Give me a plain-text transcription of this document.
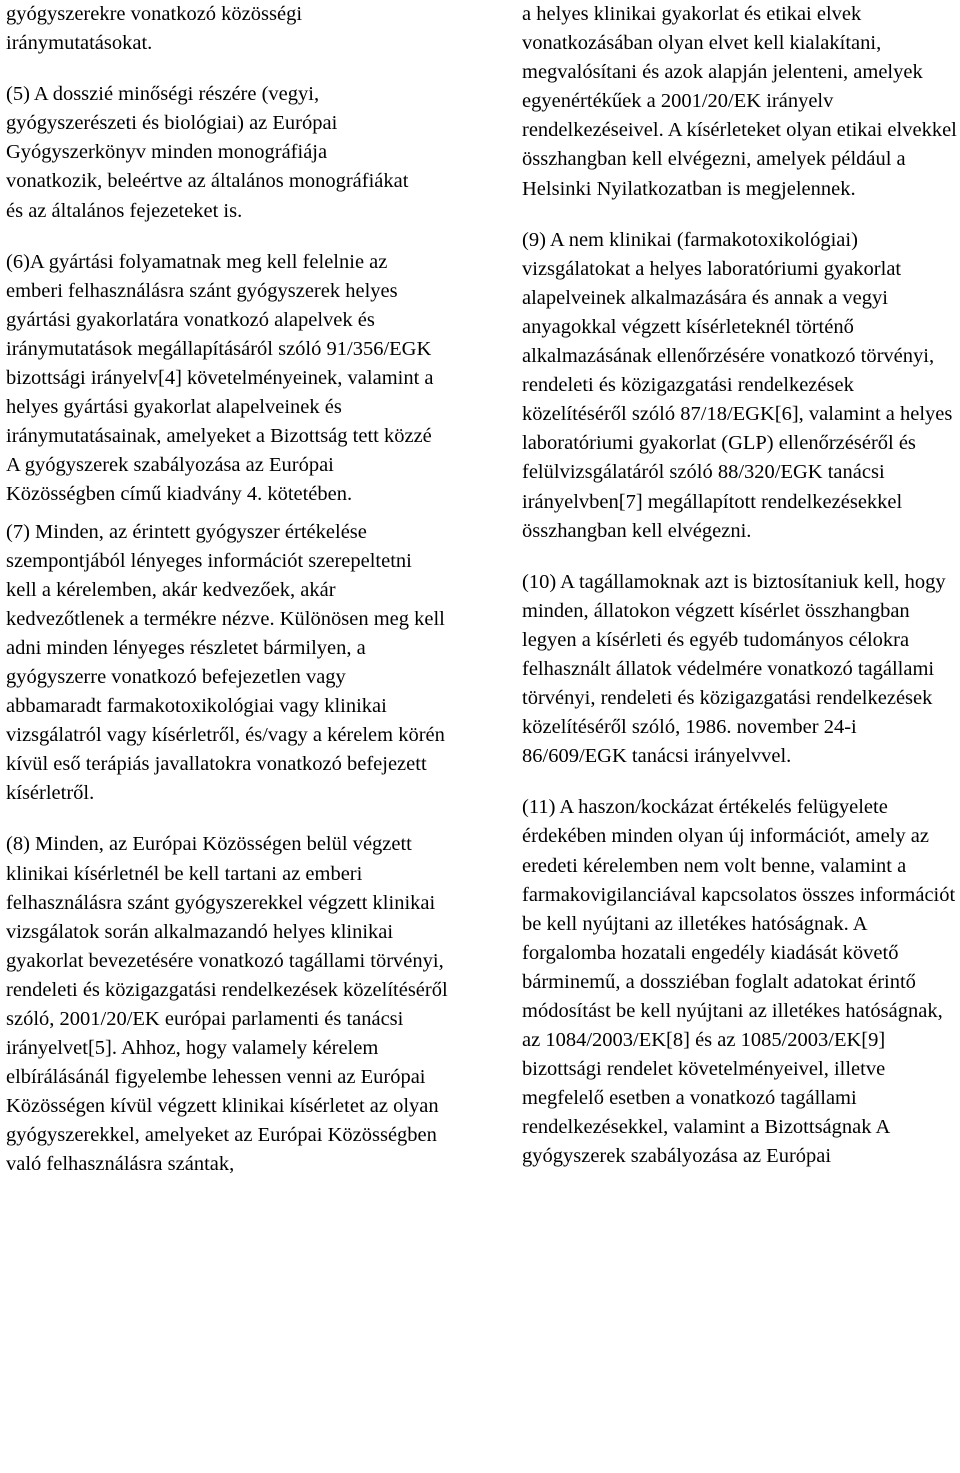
gyógyszerekre vonatkozó közösségi iránymutatásokat.

(5) A dosszié minőségi részére (vegyi, gyógyszerészeti és biológiai) az Európai Gyógyszerkönyv minden monográfiája vonatkozik, beleértve az általános monográfiákat és az általános fejezeteket is.

(6)A gyártási folyamatnak meg kell felelnie az emberi felhasználásra szánt gyógyszerek helyes gyártási gyakorlatára vonatkozó alapelvek és iránymutatások megállapításáról szóló 91/356/EGK bizottsági irányelv[4] követelményeinek, valamint a helyes gyártási gyakorlat alapelveinek és iránymutatásainak, amelyeket a Bizottság tett közzé A gyógyszerek szabályozása az Európai Közösségben című kiadvány 4. kötetében.

(7) Minden, az érintett gyógyszer értékelése szempontjából lényeges információt szerepeltetni kell a kérelemben, akár kedvezőek, akár kedvezőtlenek a termékre nézve. Különösen meg kell adni minden lényeges részletet bármilyen, a gyógyszerre vonatkozó befejezetlen vagy abbamaradt farmakotoxikológiai vagy klinikai vizsgálatról vagy kísérletről, és/vagy a kérelem körén kívül eső terápiás javallatokra vonatkozó befejezett kísérletről.

(8) Minden, az Európai Közösségen belül végzett klinikai kísérletnél be kell tartani az emberi felhasználásra szánt gyógyszerekkel végzett klinikai vizsgálatok során alkalmazandó helyes klinikai gyakorlat bevezetésére vonatkozó tagállami törvényi, rendeleti és közigazgatási rendelkezések közelítéséről szóló, 2001/20/EK európai parlamenti és tanácsi irányelvet[5]. Ahhoz, hogy valamely kérelem elbírálásánál figyelembe lehessen venni az Európai Közösségen kívül végzett klinikai kísérletet az olyan gyógyszerekkel, amelyeket az Európai Közösségben való felhasználásra szántak,

a helyes klinikai gyakorlat és etikai elvek vonatkozásában olyan elvet kell kialakítani, megvalósítani és azok alapján jelenteni, amelyek egyenértékűek a 2001/20/EK irányelv rendelkezéseivel. A kísérleteket olyan etikai elvekkel összhangban kell elvégezni, amelyek például a Helsinki Nyilatkozatban is megjelennek.

(9) A nem klinikai (farmakotoxikológiai) vizsgálatokat a helyes laboratóriumi gyakorlat alapelveinek alkalmazására és annak a vegyi anyagokkal végzett kísérleteknél történő alkalmazásának ellenőrzésére vonatkozó törvényi, rendeleti és közigazgatási rendelkezések közelítéséről szóló 87/18/EGK[6], valamint a helyes laboratóriumi gyakorlat (GLP) ellenőrzéséről és felülvizsgálatáról szóló 88/320/EGK tanácsi irányelvben[7] megállapított rendelkezésekkel összhangban kell elvégezni.

(10) A tagállamoknak azt is biztosítaniuk kell, hogy minden, állatokon végzett kísérlet összhangban legyen a kísérleti és egyéb tudományos célokra felhasznált állatok védelmére vonatkozó tagállami törvényi, rendeleti és közigazgatási rendelkezések közelítéséről szóló, 1986. november 24-i 86/609/EGK tanácsi irányelvvel.

(11) A haszon/kockázat értékelés felügyelete érdekében minden olyan új információt, amely az eredeti kérelemben nem volt benne, valamint a farmakovigilanciával kapcsolatos összes információt be kell nyújtani az illetékes hatóságnak. A forgalomba hozatali engedély kiadását követő bárminemű, a dossziéban foglalt adatokat érintő módosítást be kell nyújtani az illetékes hatóságnak, az 1084/2003/EK[8] és az 1085/2003/EK[9] bizottsági rendelet követelményeivel, illetve megfelelő esetben a vonatkozó tagállami rendelkezésekkel, valamint a Bizottságnak A gyógyszerek szabályozása az Európai
